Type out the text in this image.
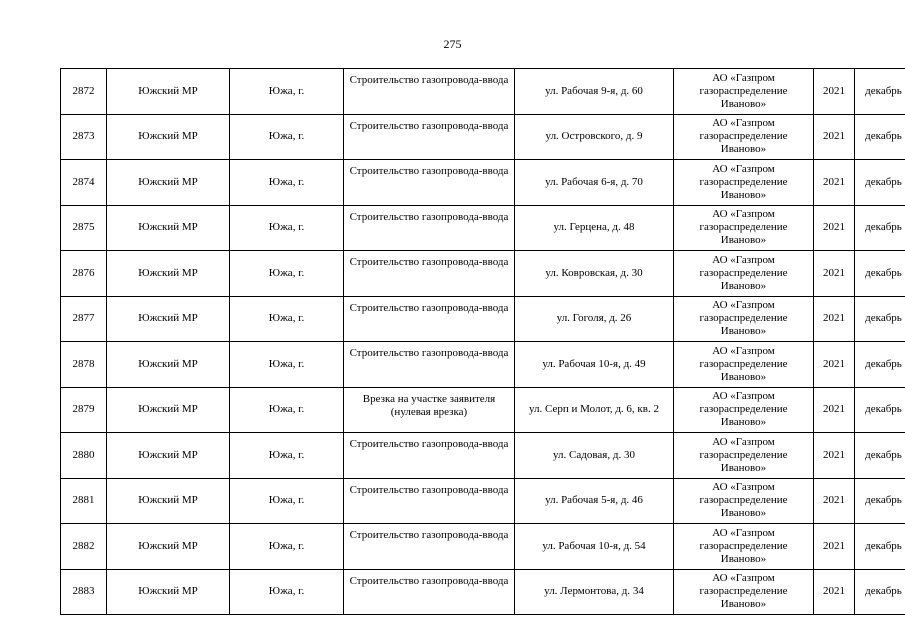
275
2872	Южский МР	Южа, г.	Строительство газопровода-ввода	ул. Рабочая 9-я, д. 60	АО «Газпром газораспределение Иваново»	2021	декабрь
2873	Южский МР	Южа, г.	Строительство газопровода-ввода	ул. Островского, д. 9	АО «Газпром газораспределение Иваново»	2021	декабрь
2874	Южский МР	Южа, г.	Строительство газопровода-ввода	ул. Рабочая 6-я, д. 70	АО «Газпром газораспределение Иваново»	2021	декабрь
2875	Южский МР	Южа, г.	Строительство газопровода-ввода	ул. Герцена, д. 48	АО «Газпром газораспределение Иваново»	2021	декабрь
2876	Южский МР	Южа, г.	Строительство газопровода-ввода	ул. Ковровская, д. 30	АО «Газпром газораспределение Иваново»	2021	декабрь
2877	Южский МР	Южа, г.	Строительство газопровода-ввода	ул. Гоголя, д. 26	АО «Газпром газораспределение Иваново»	2021	декабрь
2878	Южский МР	Южа, г.	Строительство газопровода-ввода	ул. Рабочая 10-я, д. 49	АО «Газпром газораспределение Иваново»	2021	декабрь
2879	Южский МР	Южа, г.	Врезка на участке заявителя (нулевая врезка)	ул. Серп и Молот, д. 6, кв. 2	АО «Газпром газораспределение Иваново»	2021	декабрь
2880	Южский МР	Южа, г.	Строительство газопровода-ввода	ул. Садовая, д. 30	АО «Газпром газораспределение Иваново»	2021	декабрь
2881	Южский МР	Южа, г.	Строительство газопровода-ввода	ул. Рабочая 5-я, д. 46	АО «Газпром газораспределение Иваново»	2021	декабрь
2882	Южский МР	Южа, г.	Строительство газопровода-ввода	ул. Рабочая 10-я, д. 54	АО «Газпром газораспределение Иваново»	2021	декабрь
2883	Южский МР	Южа, г.	Строительство газопровода-ввода	ул. Лермонтова, д. 34	АО «Газпром газораспределение Иваново»	2021	декабрь
